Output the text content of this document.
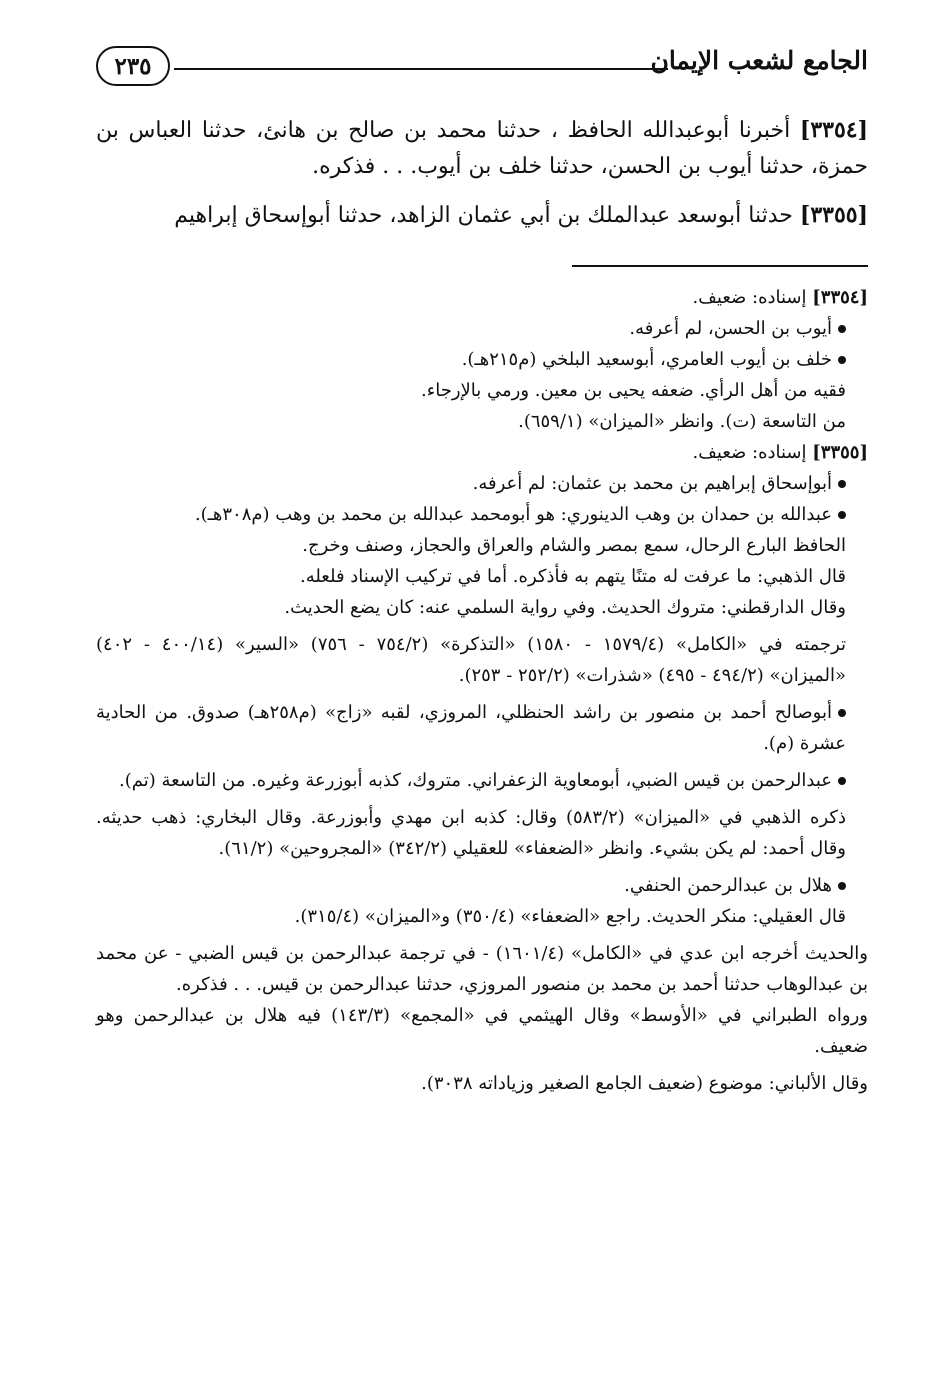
الجامع لشعب الإيمان
٢٣٥

[٣٣٥٤] أخبرنا أبوعبدالله الحافظ ، حدثنا محمد بن صالح بن هانئ، حدثنا العباس بن حمزة، حدثنا أيوب بن الحسن، حدثنا خلف بن أيوب. . . فذكره.

[٣٣٥٥] حدثنا أبوسعد عبدالملك بن أبي عثمان الزاهد، حدثنا أبوإسحاق إبراهيم

[٣٣٥٤] إسناده: ضعيف.

أيوب بن الحسن، لم أعرفه.

خلف بن أيوب العامري، أبوسعيد البلخي (م٢١٥هـ).

فقيه من أهل الرأي. ضعفه يحيى بن معين. ورمي بالإرجاء.

من التاسعة (ت). وانظر «الميزان» (٦٥٩/١).

[٣٣٥٥] إسناده: ضعيف.

أبوإسحاق إبراهيم بن محمد بن عثمان: لم أعرفه.

عبدالله بن حمدان بن وهب الدينوري: هو أبومحمد عبدالله بن محمد بن وهب (م٣٠٨هـ).

الحافظ البارع الرحال، سمع بمصر والشام والعراق والحجاز، وصنف وخرج.

قال الذهبي: ما عرفت له متنًا يتهم به فأذكره. أما في تركيب الإسناد فلعله.

وقال الدارقطني: متروك الحديث. وفي رواية السلمي عنه: كان يضع الحديث.

ترجمته في «الكامل» (١٥٧٩/٤ - ١٥٨٠) «التذكرة» (٧٥٤/٢ - ٧٥٦) «السير» (٤٠٠/١٤ - ٤٠٢) «الميزان» (٤٩٤/٢ - ٤٩٥) «شذرات» (٢٥٢/٢ - ٢٥٣).

أبوصالح أحمد بن منصور بن راشد الحنظلي، المروزي، لقبه «زاج» (م٢٥٨هـ) صدوق. من الحادية عشرة (م).

عبدالرحمن بن قيس الضبي، أبومعاوية الزعفراني. متروك، كذبه أبوزرعة وغيره. من التاسعة (تم).

ذكره الذهبي في «الميزان» (٥٨٣/٢) وقال: كذبه ابن مهدي وأبوزرعة. وقال البخاري: ذهب حديثه. وقال أحمد: لم يكن بشيء. وانظر «الضعفاء» للعقيلي (٣٤٢/٢) «المجروحين» (٦١/٢).

هلال بن عبدالرحمن الحنفي.

قال العقيلي: منكر الحديث. راجع «الضعفاء» (٣٥٠/٤) و«الميزان» (٣١٥/٤).

والحديث أخرجه ابن عدي في «الكامل» (١٦٠١/٤) - في ترجمة عبدالرحمن بن قيس الضبي - عن محمد بن عبدالوهاب حدثنا أحمد بن محمد بن منصور المروزي، حدثنا عبدالرحمن بن قيس. . . فذكره.

ورواه الطبراني في «الأوسط» وقال الهيثمي في «المجمع» (١٤٣/٣) فيه هلال بن عبدالرحمن وهو ضعيف.

وقال الألباني: موضوع (ضعيف الجامع الصغير وزياداته ٣٠٣٨).
